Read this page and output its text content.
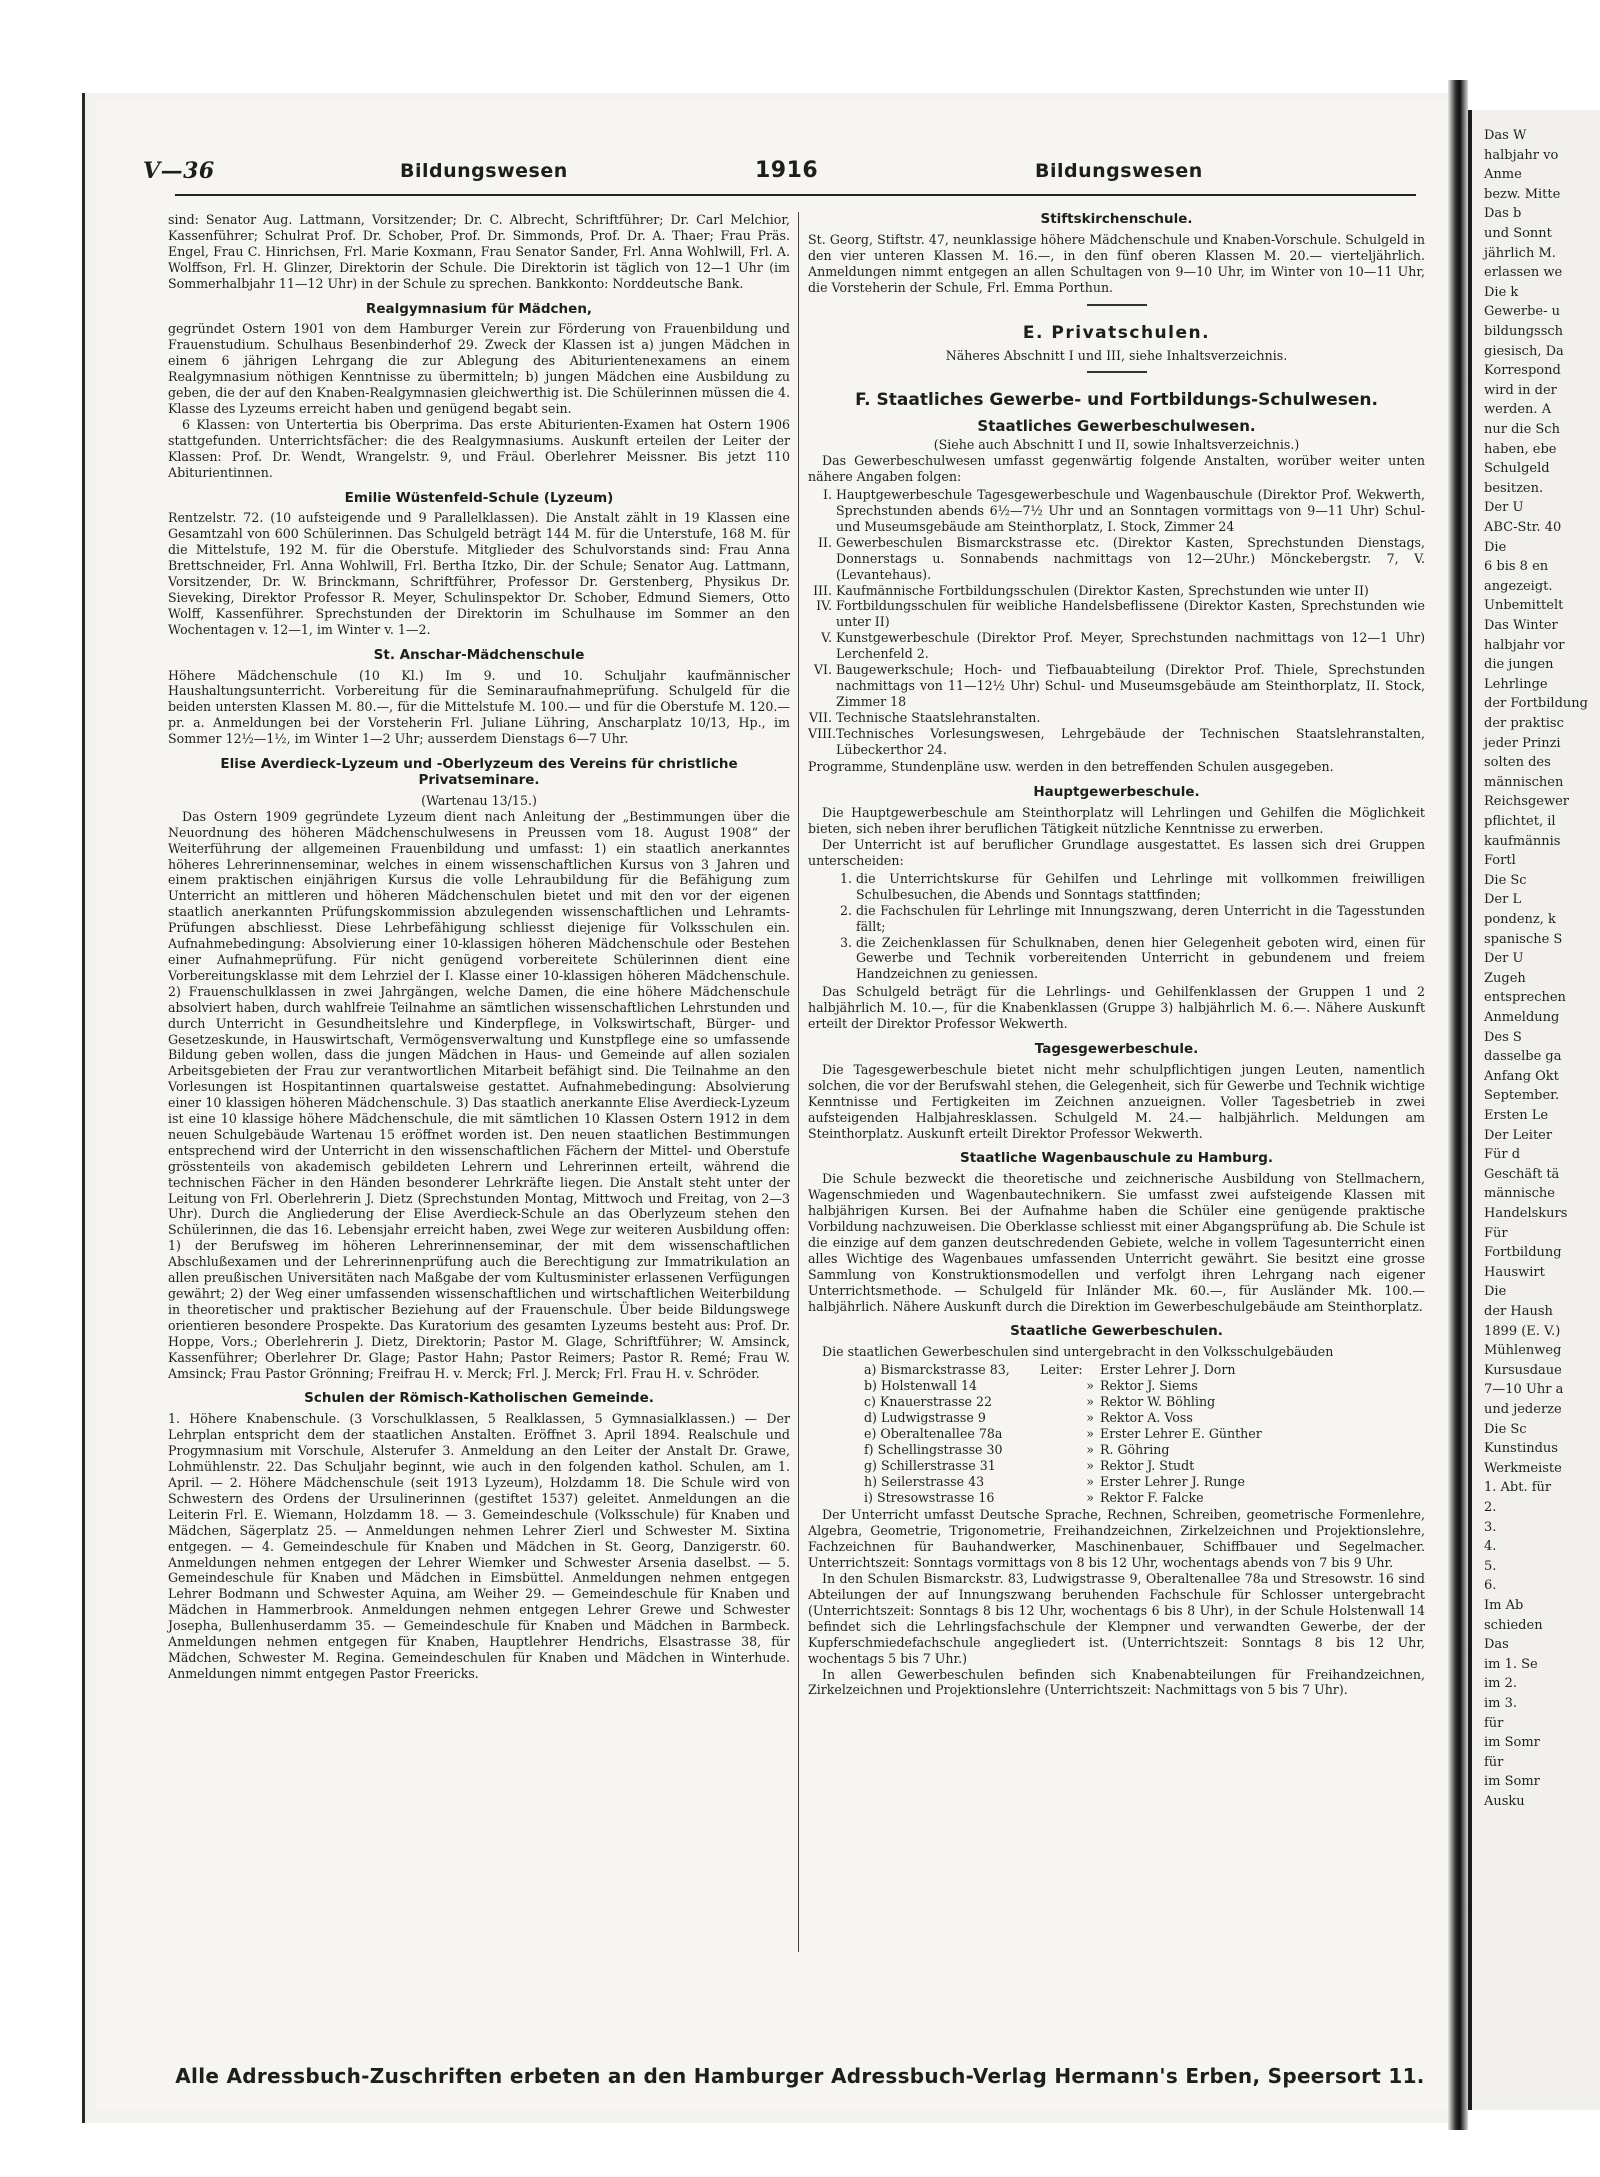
V—36	Bildungswesen	1916	Bildungswesen

sind: Senator Aug. Lattmann, Vorsitzender; Dr. C. Albrecht, Schriftführer; Dr. Carl Melchior, Kassenführer; Schulrat Prof. Dr. Schober, Prof. Dr. Simmonds, Prof. Dr. A. Thaer; Frau Präs. Engel, Frau C. Hinrichsen, Frl. Marie Koxmann, Frau Senator Sander, Frl. Anna Wohlwill, Frl. A. Wolffson, Frl. H. Glinzer, Direktorin der Schule. Die Direktorin ist täglich von 12—1 Uhr (im Sommerhalbjahr 11—12 Uhr) in der Schule zu sprechen. Bankkonto: Norddeutsche Bank.

Realgymnasium für Mädchen,

gegründet Ostern 1901 von dem Hamburger Verein zur Förderung von Frauenbildung und Frauenstudium. Schulhaus Besenbinderhof 29. Zweck der Klassen ist a) jungen Mädchen in einem 6 jährigen Lehrgang die zur Ablegung des Abiturientenexamens an einem Realgymnasium nöthigen Kenntnisse zu übermitteln; b) jungen Mädchen eine Ausbildung zu geben, die der auf den Knaben-Realgymnasien gleichwerthig ist. Die Schülerinnen müssen die 4. Klasse des Lyzeums erreicht haben und genügend begabt sein.

6 Klassen: von Untertertia bis Oberprima. Das erste Abiturienten-Examen hat Ostern 1906 stattgefunden. Unterrichtsfächer: die des Realgymnasiums. Auskunft erteilen der Leiter der Klassen: Prof. Dr. Wendt, Wrangelstr. 9, und Fräul. Oberlehrer Meissner. Bis jetzt 110 Abiturientinnen.

Emilie Wüstenfeld-Schule (Lyzeum)

Rentzelstr. 72. (10 aufsteigende und 9 Parallelklassen). Die Anstalt zählt in 19 Klassen eine Gesamtzahl von 600 Schülerinnen. Das Schulgeld beträgt 144 M. für die Unterstufe, 168 M. für die Mittelstufe, 192 M. für die Oberstufe. Mitglieder des Schulvorstands sind: Frau Anna Brettschneider, Frl. Anna Wohlwill, Frl. Bertha Itzko, Dir. der Schule; Senator Aug. Lattmann, Vorsitzender, Dr. W. Brinckmann, Schriftführer, Professor Dr. Gerstenberg, Physikus Dr. Sieveking, Direktor Professor R. Meyer, Schulinspektor Dr. Schober, Edmund Siemers, Otto Wolff, Kassenführer. Sprechstunden der Direktorin im Schulhause im Sommer an den Wochentagen v. 12—1, im Winter v. 1—2.

St. Anschar-Mädchenschule

Höhere Mädchenschule (10 Kl.) Im 9. und 10. Schuljahr kaufmännischer Haushaltungsunterricht. Vorbereitung für die Seminaraufnahmeprüfung. Schulgeld für die beiden untersten Klassen M. 80.—, für die Mittelstufe M. 100.— und für die Oberstufe M. 120.— pr. a. Anmeldungen bei der Vorsteherin Frl. Juliane Lühring, Anscharplatz 10/13, Hp., im Sommer 12½—1½, im Winter 1—2 Uhr; ausserdem Dienstags 6—7 Uhr.

Elise Averdieck-Lyzeum und -Oberlyzeum des Vereins für christliche Privatseminare.
(Wartenau 13/15.)

Das Ostern 1909 gegründete Lyzeum dient nach Anleitung der „Bestimmungen über die Neuordnung des höheren Mädchenschulwesens in Preussen vom 18. August 1908“ der Weiterführung der allgemeinen Frauenbildung und umfasst: 1) ein staatlich anerkanntes höheres Lehrerinnenseminar, welches in einem wissenschaftlichen Kursus von 3 Jahren und einem praktischen einjährigen Kursus die volle Lehraubildung für die Befähigung zum Unterricht an mittleren und höheren Mädchenschulen bietet und mit den vor der eigenen staatlich anerkannten Prüfungskommission abzulegenden wissenschaftlichen und Lehramts-Prüfungen abschliesst. Diese Lehrbefähigung schliesst diejenige für Volksschulen ein. Aufnahmebedingung: Absolvierung einer 10-klassigen höheren Mädchenschule oder Bestehen einer Aufnahmeprüfung. Für nicht genügend vorbereitete Schülerinnen dient eine Vorbereitungsklasse mit dem Lehrziel der I. Klasse einer 10-klassigen höheren Mädchenschule. 2) Frauenschulklassen in zwei Jahrgängen, welche Damen, die eine höhere Mädchenschule absolviert haben, durch wahlfreie Teilnahme an sämtlichen wissenschaftlichen Lehrstunden und durch Unterricht in Gesundheitslehre und Kinderpflege, in Volkswirtschaft, Bürger- und Gesetzeskunde, in Hauswirtschaft, Vermögensverwaltung und Kunstpflege eine so umfassende Bildung geben wollen, dass die jungen Mädchen in Haus- und Gemeinde auf allen sozialen Arbeitsgebieten der Frau zur verantwortlichen Mitarbeit befähigt sind. Die Teilnahme an den Vorlesungen ist Hospitantinnen quartalsweise gestattet. Aufnahmebedingung: Absolvierung einer 10 klassigen höheren Mädchenschule. 3) Das staatlich anerkannte Elise Averdieck-Lyzeum ist eine 10 klassige höhere Mädchenschule, die mit sämtlichen 10 Klassen Ostern 1912 in dem neuen Schulgebäude Wartenau 15 eröffnet worden ist. Den neuen staatlichen Bestimmungen entsprechend wird der Unterricht in den wissenschaftlichen Fächern der Mittel- und Oberstufe grösstenteils von akademisch gebildeten Lehrern und Lehrerinnen erteilt, während die technischen Fächer in den Händen besonderer Lehrkräfte liegen. Die Anstalt steht unter der Leitung von Frl. Oberlehrerin J. Dietz (Sprechstunden Montag, Mittwoch und Freitag, von 2—3 Uhr). Durch die Angliederung der Elise Averdieck-Schule an das Oberlyzeum stehen den Schülerinnen, die das 16. Lebensjahr erreicht haben, zwei Wege zur weiteren Ausbildung offen: 1) der Berufsweg im höheren Lehrerinnenseminar, der mit dem wissenschaftlichen Abschlußexamen und der Lehrerinnenprüfung auch die Berechtigung zur Immatrikulation an allen preußischen Universitäten nach Maßgabe der vom Kultusminister erlassenen Verfügungen gewährt; 2) der Weg einer umfassenden wissenschaftlichen und wirtschaftlichen Weiterbildung in theoretischer und praktischer Beziehung auf der Frauenschule. Über beide Bildungswege orientieren besondere Prospekte. Das Kuratorium des gesamten Lyzeums besteht aus: Prof. Dr. Hoppe, Vors.; Oberlehrerin J. Dietz, Direktorin; Pastor M. Glage, Schriftführer; W. Amsinck, Kassenführer; Oberlehrer Dr. Glage; Pastor Hahn; Pastor Reimers; Pastor R. Remé; Frau W. Amsinck; Frau Pastor Grönning; Freifrau H. v. Merck; Frl. J. Merck; Frl. Frau H. v. Schröder.

Schulen der Römisch-Katholischen Gemeinde.

1. Höhere Knabenschule. (3 Vorschulklassen, 5 Realklassen, 5 Gymnasialklassen.) — Der Lehrplan entspricht dem der staatlichen Anstalten. Eröffnet 3. April 1894. Realschule und Progymnasium mit Vorschule, Alsterufer 3. Anmeldung an den Leiter der Anstalt Dr. Grawe, Lohmühlenstr. 22. Das Schuljahr beginnt, wie auch in den folgenden kathol. Schulen, am 1. April. — 2. Höhere Mädchenschule (seit 1913 Lyzeum), Holzdamm 18. Die Schule wird von Schwestern des Ordens der Ursulinerinnen (gestiftet 1537) geleitet. Anmeldungen an die Leiterin Frl. E. Wiemann, Holzdamm 18. — 3. Gemeindeschule (Volksschule) für Knaben und Mädchen, Sägerplatz 25. — Anmeldungen nehmen Lehrer Zierl und Schwester M. Sixtina entgegen. — 4. Gemeindeschule für Knaben und Mädchen in St. Georg, Danzigerstr. 60. Anmeldungen nehmen entgegen der Lehrer Wiemker und Schwester Arsenia daselbst. — 5. Gemeindeschule für Knaben und Mädchen in Eimsbüttel. Anmeldungen nehmen entgegen Lehrer Bodmann und Schwester Aquina, am Weiher 29. — Gemeindeschule für Knaben und Mädchen in Hammerbrook. Anmeldungen nehmen entgegen Lehrer Grewe und Schwester Josepha, Bullenhuserdamm 35. — Gemeindeschule für Knaben und Mädchen in Barmbeck. Anmeldungen nehmen entgegen für Knaben, Hauptlehrer Hendrichs, Elsastrasse 38, für Mädchen, Schwester M. Regina. Gemeindeschulen für Knaben und Mädchen in Winterhude. Anmeldungen nimmt entgegen Pastor Freericks.

Stiftskirchenschule.

St. Georg, Stiftstr. 47, neunklassige höhere Mädchenschule und Knaben-Vorschule. Schulgeld in den vier unteren Klassen M. 16.—, in den fünf oberen Klassen M. 20.— vierteljährlich. Anmeldungen nimmt entgegen an allen Schultagen von 9—10 Uhr, im Winter von 10—11 Uhr, die Vorsteherin der Schule, Frl. Emma Porthun.

E. Privatschulen.
Näheres Abschnitt I und III, siehe Inhaltsverzeichnis.
F. Staatliches Gewerbe- und Fortbildungs-Schulwesen.
Staatliches Gewerbeschulwesen.
(Siehe auch Abschnitt I und II, sowie Inhaltsverzeichnis.)

Das Gewerbeschulwesen umfasst gegenwärtig folgende Anstalten, worüber weiter unten nähere Angaben folgen:

I. Hauptgewerbeschule Tagesgewerbeschule und Wagenbauschule (Direktor Prof. Wekwerth, Sprechstunden abends 6½—7½ Uhr und an Sonntagen vormittags von 9—11 Uhr) Schul- und Museumsgebäude am Steinthorplatz, I. Stock, Zimmer 24
II. Gewerbeschulen Bismarckstrasse etc. (Direktor Kasten, Sprechstunden Dienstags, Donnerstags u. Sonnabends nachmittags von 12—2Uhr.) Mönckebergstr. 7, V. (Levantehaus).
III. Kaufmännische Fortbildungsschulen (Direktor Kasten, Sprechstunden wie unter II)
IV. Fortbildungsschulen für weibliche Handelsbeflissene (Direktor Kasten, Sprechstunden wie unter II)
V. Kunstgewerbeschule (Direktor Prof. Meyer, Sprechstunden nachmittags von 12—1 Uhr) Lerchenfeld 2.
VI. Baugewerkschule; Hoch- und Tiefbauabteilung (Direktor Prof. Thiele, Sprechstunden nachmittags von 11—12½ Uhr) Schul- und Museumsgebäude am Steinthorplatz, II. Stock, Zimmer 18
VII. Technische Staatslehranstalten.
VIII.Technisches Vorlesungswesen, Lehrgebäude der Technischen Staatslehranstalten, Lübeckerthor 24.

Programme, Stundenpläne usw. werden in den betreffenden Schulen ausgegeben.

Hauptgewerbeschule.

Die Hauptgewerbeschule am Steinthorplatz will Lehrlingen und Gehilfen die Möglichkeit bieten, sich neben ihrer beruflichen Tätigkeit nützliche Kenntnisse zu erwerben.

Der Unterricht ist auf beruflicher Grundlage ausgestattet. Es lassen sich drei Gruppen unterscheiden:

1. die Unterrichtskurse für Gehilfen und Lehrlinge mit vollkommen freiwilligen Schulbesuchen, die Abends und Sonntags stattfinden;
2. die Fachschulen für Lehrlinge mit Innungszwang, deren Unterricht in die Tagesstunden fällt;
3. die Zeichenklassen für Schulknaben, denen hier Gelegenheit geboten wird, einen für Gewerbe und Technik vorbereitenden Unterricht in gebundenem und freiem Handzeichnen zu geniessen.

Das Schulgeld beträgt für die Lehrlings- und Gehilfenklassen der Gruppen 1 und 2 halbjährlich M. 10.—, für die Knabenklassen (Gruppe 3) halbjährlich M. 6.—. Nähere Auskunft erteilt der Direktor Professor Wekwerth.

Tagesgewerbeschule.

Die Tagesgewerbeschule bietet nicht mehr schulpflichtigen jungen Leuten, namentlich solchen, die vor der Berufswahl stehen, die Gelegenheit, sich für Gewerbe und Technik wichtige Kenntnisse und Fertigkeiten im Zeichnen anzueignen. Voller Tagesbetrieb in zwei aufsteigenden Halbjahresklassen. Schulgeld M. 24.— halbjährlich. Meldungen am Steinthorplatz. Auskunft erteilt Direktor Professor Wekwerth.

Staatliche Wagenbauschule zu Hamburg.

Die Schule bezweckt die theoretische und zeichnerische Ausbildung von Stellmachern, Wagenschmieden und Wagenbautechnikern. Sie umfasst zwei aufsteigende Klassen mit halbjährigen Kursen. Bei der Aufnahme haben die Schüler eine genügende praktische Vorbildung nachzuweisen. Die Oberklasse schliesst mit einer Abgangsprüfung ab. Die Schule ist die einzige auf dem ganzen deutschredenden Gebiete, welche in vollem Tagesunterricht einen alles Wichtige des Wagenbaues umfassenden Unterricht gewährt. Sie besitzt eine grosse Sammlung von Konstruktionsmodellen und verfolgt ihren Lehrgang nach eigener Unterrichtsmethode. — Schulgeld für Inländer Mk. 60.—, für Ausländer Mk. 100.— halbjährlich. Nähere Auskunft durch die Direktion im Gewerbeschulgebäude am Steinthorplatz.

Staatliche Gewerbeschulen.

Die staatlichen Gewerbeschulen sind untergebracht in den Volksschulgebäuden

a) Bismarckstrasse 83,	Leiter:	Erster Lehrer J. Dorn
b) Holstenwall 14	»	Rektor J. Siems
c) Knauerstrasse 22	»	Rektor W. Böhling
d) Ludwigstrasse 9	»	Rektor A. Voss
e) Oberaltenallee 78a	»	Erster Lehrer E. Günther
f) Schellingstrasse 30	»	R. Göhring
g) Schillerstrasse 31	»	Rektor J. Studt
h) Seilerstrasse 43	»	Erster Lehrer J. Runge
i) Stresowstrasse 16	»	Rektor F. Falcke

Der Unterricht umfasst Deutsche Sprache, Rechnen, Schreiben, geometrische Formenlehre, Algebra, Geometrie, Trigonometrie, Freihandzeichnen, Zirkelzeichnen und Projektionslehre, Fachzeichnen für Bauhandwerker, Maschinenbauer, Schiffbauer und Segelmacher. Unterrichtszeit: Sonntags vormittags von 8 bis 12 Uhr, wochentags abends von 7 bis 9 Uhr.

In den Schulen Bismarckstr. 83, Ludwigstrasse 9, Oberaltenallee 78a und Stresowstr. 16 sind Abteilungen der auf Innungszwang beruhenden Fachschule für Schlosser untergebracht (Unterrichtszeit: Sonntags 8 bis 12 Uhr, wochentags 6 bis 8 Uhr), in der Schule Holstenwall 14 befindet sich die Lehrlingsfachschule der Klempner und verwandten Gewerbe, der der Kupferschmiedefachschule angegliedert ist. (Unterrichtszeit: Sonntags 8 bis 12 Uhr, wochentags 5 bis 7 Uhr.)

In allen Gewerbeschulen befinden sich Knabenabteilungen für Freihandzeichnen, Zirkelzeichnen und Projektionslehre (Unterrichtszeit: Nachmittags von 5 bis 7 Uhr).

Alle Adressbuch-Zuschriften erbeten an den Hamburger Adressbuch-Verlag Hermann's Erben, Speersort 11.
Das W
halbjahr vo
Anme
bezw. Mitte
Das b
und Sonnt
jährlich M.
erlassen we
Die k
Gewerbe- u
bildungssch
giesisch, Da
Korrespond
wird in der
werden. A
nur die Sch
haben, ebe
Schulgeld
besitzen.
Der U
ABC-Str. 40
Die
6 bis 8 en
angezeigt.
Unbemittelt
Das Winter
halbjahr vor
die jungen
Lehrlinge
der Fortbildung
der praktisc
jeder Prinzi
solten des
männischen
Reichsgewer
pflichtet, il
kaufmännis
Fortl
Die Sc
Der L
pondenz, k
spanische S
Der U
Zugeh
entsprechen
Anmeldung
Des S
dasselbe ga
Anfang Okt
September.
Ersten Le
Der Leiter
Für d
Geschäft tä
männische
Handelskurs
Für
Fortbildung
Hauswirt
Die
der Haush
1899 (E. V.)
Mühlenweg
Kursusdaue
7—10 Uhr a
und jederze
Die Sc
Kunstindus
Werkmeiste
1. Abt. für
2.
3.
4.
5.
6.
Im Ab
schieden
Das
im 1. Se
im 2.
im 3.
für
im Somr
für
im Somr
Ausku
